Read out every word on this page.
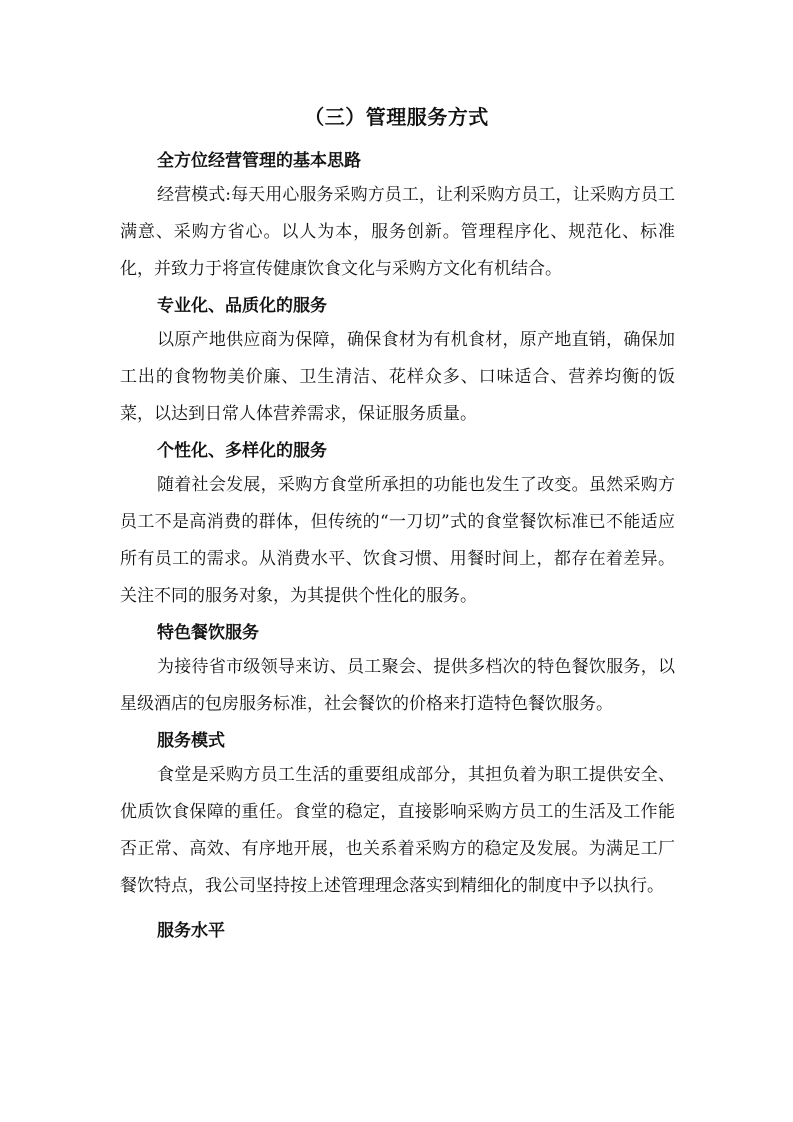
（三）管理服务方式
全方位经营管理的基本思路

经营模式:每天用心服务采购方员工，让利采购方员工，让采购方员工满意、采购方省心。以人为本，服务创新。管理程序化、规范化、标准化，并致力于将宣传健康饮食文化与采购方文化有机结合。

专业化、品质化的服务

以原产地供应商为保障，确保食材为有机食材，原产地直销，确保加工出的食物物美价廉、卫生清洁、花样众多、口味适合、营养均衡的饭菜，以达到日常人体营养需求，保证服务质量。

个性化、多样化的服务

随着社会发展，采购方食堂所承担的功能也发生了改变。虽然采购方员工不是高消费的群体，但传统的“一刀切”式的食堂餐饮标准已不能适应所有员工的需求。从消费水平、饮食习惯、用餐时间上，都存在着差异。关注不同的服务对象，为其提供个性化的服务。

特色餐饮服务

为接待省市级领导来访、员工聚会、提供多档次的特色餐饮服务，以星级酒店的包房服务标准，社会餐饮的价格来打造特色餐饮服务。

服务模式

食堂是采购方员工生活的重要组成部分，其担负着为职工提供安全、优质饮食保障的重任。食堂的稳定，直接影响采购方员工的生活及工作能否正常、高效、有序地开展，也关系着采购方的稳定及发展。为满足工厂餐饮特点，我公司坚持按上述管理理念落实到精细化的制度中予以执行。

服务水平
